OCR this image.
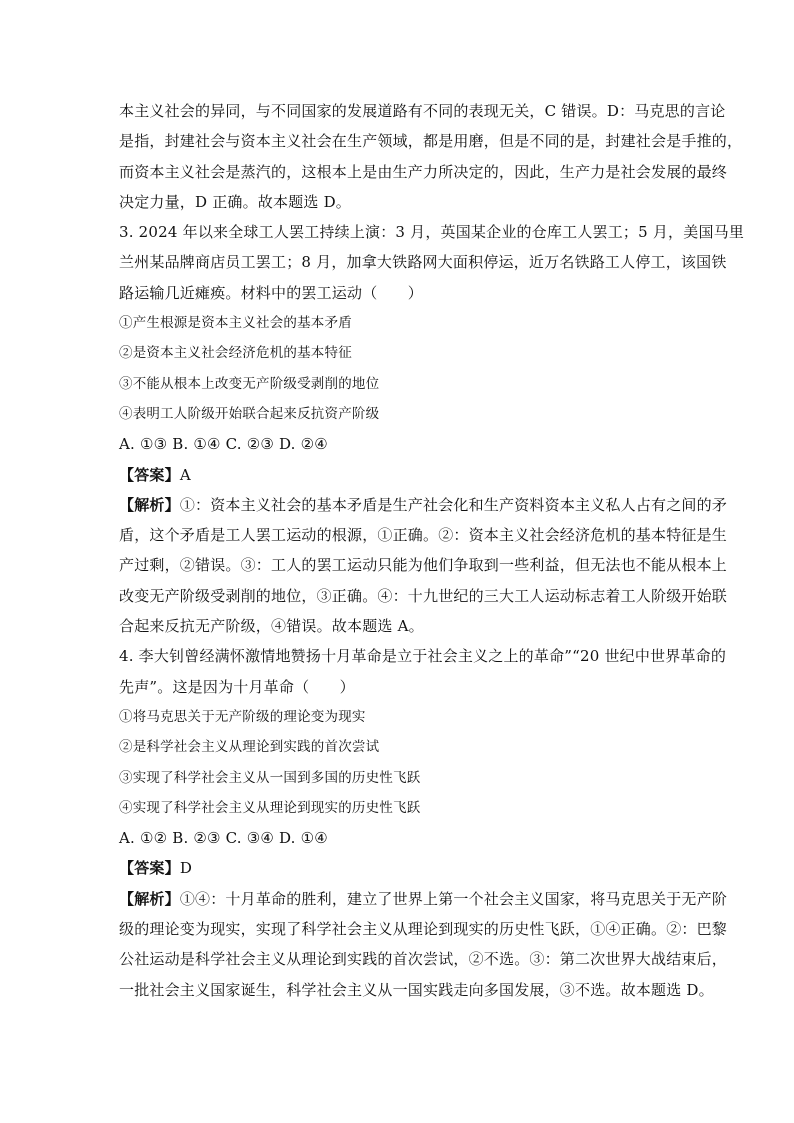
本主义社会的异同，与不同国家的发展道路有不同的表现无关，C 错误。D：马克思的言论
是指，封建社会与资本主义社会在生产领域，都是用磨，但是不同的是，封建社会是手推的，
而资本主义社会是蒸汽的，这根本上是由生产力所决定的，因此，生产力是社会发展的最终
决定力量，D 正确。故本题选 D。
3. 2024 年以来全球工人罢工持续上演：3 月，英国某企业的仓库工人罢工；5 月，美国马里
兰州某品牌商店员工罢工；8 月，加拿大铁路网大面积停运，近万名铁路工人停工，该国铁
路运输几近瘫痪。材料中的罢工运动（　　）
①产生根源是资本主义社会的基本矛盾
②是资本主义社会经济危机的基本特征
③不能从根本上改变无产阶级受剥削的地位
④表明工人阶级开始联合起来反抗资产阶级
A. ①③ B. ①④ C. ②③ D. ②④
【答案】A
【解析】①：资本主义社会的基本矛盾是生产社会化和生产资料资本主义私人占有之间的矛
盾，这个矛盾是工人罢工运动的根源，①正确。②：资本主义社会经济危机的基本特征是生
产过剩，②错误。③：工人的罢工运动只能为他们争取到一些利益，但无法也不能从根本上
改变无产阶级受剥削的地位，③正确。④：十九世纪的三大工人运动标志着工人阶级开始联
合起来反抗无产阶级，④错误。故本题选 A。
4. 李大钊曾经满怀激情地赞扬十月革命是立于社会主义之上的革命”“20 世纪中世界革命的
先声”。这是因为十月革命（　　）
①将马克思关于无产阶级的理论变为现实
②是科学社会主义从理论到实践的首次尝试
③实现了科学社会主义从一国到多国的历史性飞跃
④实现了科学社会主义从理论到现实的历史性飞跃
A. ①② B. ②③ C. ③④ D. ①④
【答案】D
【解析】①④：十月革命的胜利，建立了世界上第一个社会主义国家，将马克思关于无产阶
级的理论变为现实，实现了科学社会主义从理论到现实的历史性飞跃，①④正确。②：巴黎
公社运动是科学社会主义从理论到实践的首次尝试，②不选。③：第二次世界大战结束后，
一批社会主义国家诞生，科学社会主义从一国实践走向多国发展，③不选。故本题选 D。
